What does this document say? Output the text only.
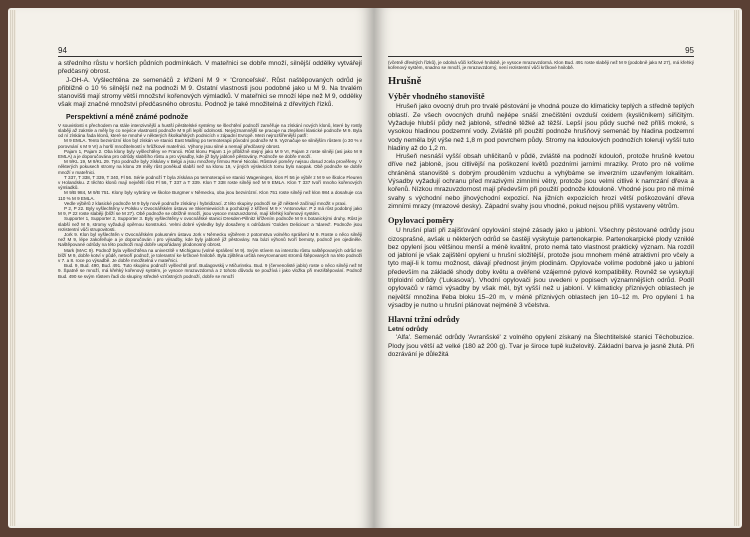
94

a středního růstu v horších půdních podmínkách. V mateřnici se dobře množí, silnější oddělky vytvářejí předčasný obrost.

J-OH-A. Vyšlechtěna ze semenáčů z křížení M 9 × 'Cronceľské'. Růst naštěpovaných odrůd je přibližně o 10 % silnější než na podnoži M 9. Ostatní vlastnosti jsou podobné jako u M 9. Na trvalém stanovišti mají stromy větší množství kořenových výmladků. V mateřnici se množí lépe než M 9, oddělky však mají značné množství předčasného obrostu. Podnož je také množitelná z dřevitých řízků.

Perspektivní a méně známé podnože

V souvislosti s přechodem na stále intenzivnější a hustší pěstitelské systémy se šlechtění podnoží zaměřuje na získání nových klonů, které by rostly slaběji až zakrsle a měly by co nejvíce vlastností podnože M 9 při lepší odolnosti. Nejvýznamnější se pracuje na zlepšení klasické podnože M 9. Byla od ní získána řada klonů, které se mnohé v některých školkařských podnicích v západní Evropě. Mezi nejrozšířenější patří:

M 9 EMLA. Tento bezvirózní klon byl získán ve stanici East Malling po termoterapii původní podnože M 9. Vyznačuje se silnějším růstem (o 30 % v porovnání s M 9 VI) a horší množitelností v hrůžkové mateřnici. Výhony jsou silné a nemají předčasný obrost.

Pajam 1, Pajam 2. Oba klony byly vyšlechtěny ve Francii. Růst klonu Pajam 1 je přibližně stejný jako M 9 VI, Pajam 2 roste silněji (asi jako M 9 EMLA) a je doporučována pro odrůdy slabšího růstu a pro výsadby, kde již byly jabloně pěstovány. Podnože se dobře množí.

M 9/KL 19, M 9/KL 29. Tyto podnože byly získány v Belgii a jsou množeny firmou René Nicolai. Růstové poměry nejsou dosud zcela prověřeny. V některých pokusech stromy na klonu 29 měly růst poněkud slabší než na klonu 19, v jiných výsledcích tomu bylo naopak. Obě podnože se dobře množí v mateřnici.

T 337, T 338, T 339, T 340, Fl 56. Série podnoží T byla získána po termoterapii ve stanici Wageningen, klon Fl 56 je výběr z M 9 ve školce Fleuren v Holandsku. Z těchto klonů mají největší růst Fl 56, T 337 a T 339. Klon T 338 roste silněji než M 9 EMLA. Klon T 337 tvoří mnoho kořenových výmladků.

M 9/B 984, M 9/B 751. Klony byly vybrány ve školce Burgmer v Německu, oba jsou bezvirózní. Klon 751 roste silněji než klon 984 a dosahuje cca 110 % M 9 EMLA.

Vedle výběrů z klasické podnože M 9 byly nově podnože získány i hybridizací. Z této skupiny podnoží se již některé začínají množit v praxi.

P 2, P 22. Byly vyšlechtěny v Polsku v Ovocnářském ústavu ve Skierniewicích a pocházejí z křížení M 9 × 'Antonovka'. P 2 má růst podobný jako M 9, P 22 roste slaběji (blíží se M 27). Obě podnože se obtížně množí, jsou vysoce mrazuvzdorné, mají křehký kořenový systém.

Supporter 1, Supporter 2, Supporter 3. Byly vyšlechtěny v ovocnářské stanici Dresden-Pillnitz křížením podnože M 9 s botanickými druhy. Růst je slabší než M 9, stromy vyžadují opěrnou konstrukci. Velmi dobré výsledky byly dosaženy s odrůdami 'Golden Delicious' a 'Idared'. Podnože jsou rezistentní vůči strupovitosti.

Jork 9. Klon byl vyšlechtěn v Ovocnářském pokusném ústavu Jork v Německu výběrem z potomstva volného sprášení M 9. Roste o něco silněji než M 9, lépe zakořeňuje a je doporučován i pro výsadby, kde byly jabloně již pěstovány. Na bázi výhonů tvoří bemoty, podnož jen ojediněle. Naštěpované odrůdy na této podnoži mají dobře uspořádaný plodonosný obrost.

Mark (MAC 9). Podnož byla vyšlechtěna na univerzitě v Michiganu (volné sprášení M 9). Svým stívem na intenzitu růstu naštěpovaných odrůd se blíží M 9, dobře kotví v půdě, netvoří podnož, je tolerantní ke krčkové hnilobě. Byla zjištěna určitá nevyrovnanost stromů štěpovaných na této podnoži v 7. a 8. roce po výsadbě. Je dobře množitelná v mateřnici.

Bud. 9, Bud. 490, Bud. 491. Tuto skupinu podnoží vyšlechtil prof. Budagovskij v Mičurinsku. Bud. 9 (červenolisté jablo) roste o něco silněji než M 9. Špatně se množí, má křehký kořenový systém, je vysoce mrazuvzdorná a z tohoto důvodu se používá i jako vložka při mezištěpování. Podnož Bud. 490 se svým růstem řadí do skupiny středně vzrůstných podnoží, dobře se množí

95

(včetně dřevitých řízků), je odolná vůči krčkové hnilobě, je vysoce mrazuvzdorná. Klon Bud. 491 roste slaběji než M 9 (podobně jako M 27), má křehký kořenový systém, snadno se množí, je mrazuvzdorný, není rezistentní vůči krčkové hnilobě.

Hrušně
Výběr vhodného stanoviště

Hrušeň jako ovocný druh pro trvalé pěstování je vhodná pouze do klimaticky teplých a středně teplých oblastí. Ze všech ovocných druhů nejlépe snáší znečištění ovzduší oxidem (kysličníkem) siřičitým. Vyžaduje hlubší půdy než jabloně, středně těžké až těžší. Lepší jsou půdy suché než příliš mokré, s vysokou hladinou podzemní vody. Zvláště při použití podnože hrušňový semenáč by hladina podzemní vody neměla být výše než 1,8 m pod povrchem půdy. Stromy na kdoulových podnožích tolerují vyšší tuto hladiny až do 1,2 m.

Hrušeň nesnáší vyšší obsah uhličitanů v půdě, zvláště na podnoží kdouloň, protože hrušně kvetou dříve než jabloně, jsou citlivější na poškození květů pozdními jarními mrazíky. Proto pro ně volíme chráněná stanoviště s dobrým prouděním vzduchu a vyhýbáme se inverzním uzavřeným lokalitám. Výsadby vyžadují ochranu před mrazivými zimními větry, protože jsou velmi citlivé k namrzání dřeva a kořenů. Nízkou mrazuvzdornost mají především při použití podnože kdouloně. Vhodné jsou pro ně mírné svahy s východní nebo jihovýchodní expozicí. Na jižních expozicích hrozí větší poškozování dřeva zimními mrazy (mrazové desky). Západní svahy jsou vhodné, pokud nejsou příliš vystaveny větrům.

Opylovací poměry

U hrušní platí při zajišťování opylování stejné zásady jako u jabloní. Všechny pěstované odrůdy jsou cizosprašné, avšak u některých odrůd se častěji vyskytuje partenokarpie. Partenokarpické plody vzniklé bez opylení jsou většinou menší a méně kvalitní, proto nemá tato vlastnost praktický význam. Na rozdíl od jabloní je však zajištění opylení u hrušní složitější, protože jsou mnohem méně atraktivní pro včely a tyto mají-li k tomu možnost, dávají přednost jiným plodinám. Opylovače volíme podobně jako u jabloní především na základě shody doby květu a ověřené vzájemné pylové kompatibility. Rovněž se vyskytují triploidní odrůdy ('Lukasova'). Vhodní opylovači jsou uvedeni v popisech významnějších odrůd. Podíl opylovačů v rámci výsadby by však měl, být vyšší než u jabloní. V klimaticky příznivých oblastech je největší množina lřeba bloku 15–20 m, v méně příznivých oblastech jen 10–12 m. Pro opylení 1 ha výsadby je nutno u hrušní plánovat nejméně 3 včelstva.

Hlavní tržní odrůdy
Letní odrůdy

'Alfa'. Semenáč odrůdy 'Avranšské' z volného opylení získaný na Šlechtitelské stanici Těchobuzice. Plody jsou větší až velké (180 až 200 g). Tvar je široce tupě kuželovitý. Základní barva je jasně žlutá. Při dozrávání je důležitá
